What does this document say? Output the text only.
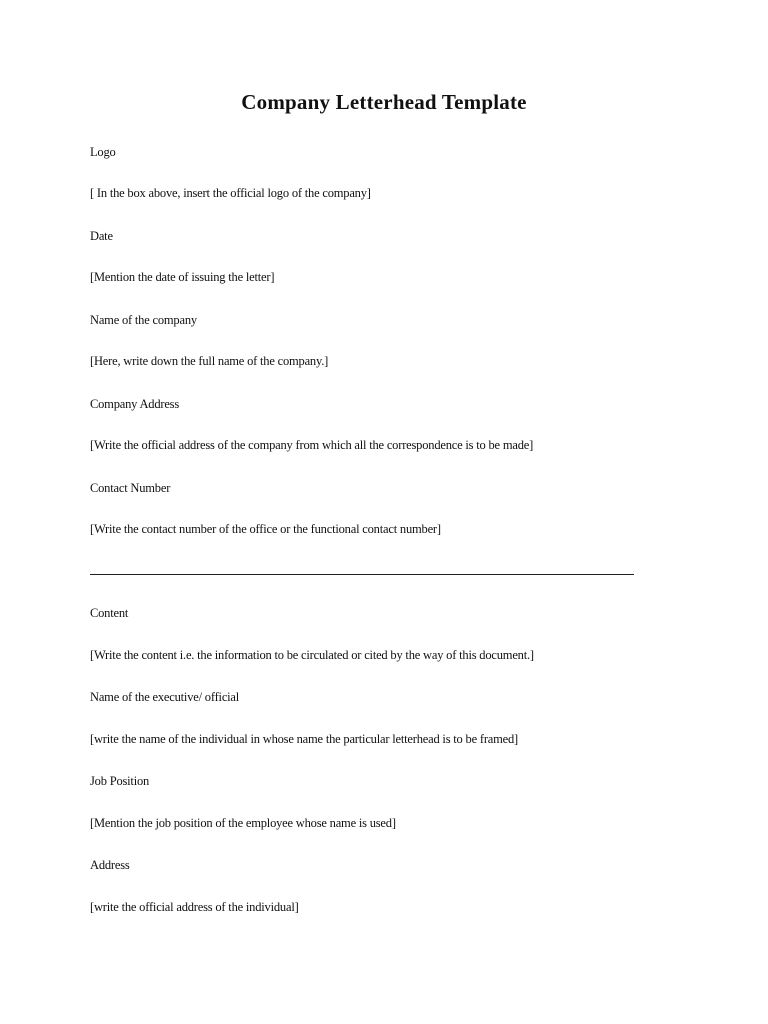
Company Letterhead Template
Logo
[ In the box above, insert the official logo of the company]
Date
[Mention the date of issuing the letter]
Name of the company
[Here, write down the full name of the company.]
Company Address
[Write the official address of the company from which all the correspondence is to be made]
Contact Number
[Write the contact number of the office or the functional contact number]
Content
[Write the content i.e. the information to be circulated or cited by the way of this document.]
Name of the executive/ official
[write the name of the individual in whose name the particular letterhead is to be framed]
Job Position
[Mention the job position of the employee whose name is used]
Address
[write the official address of the individual]
